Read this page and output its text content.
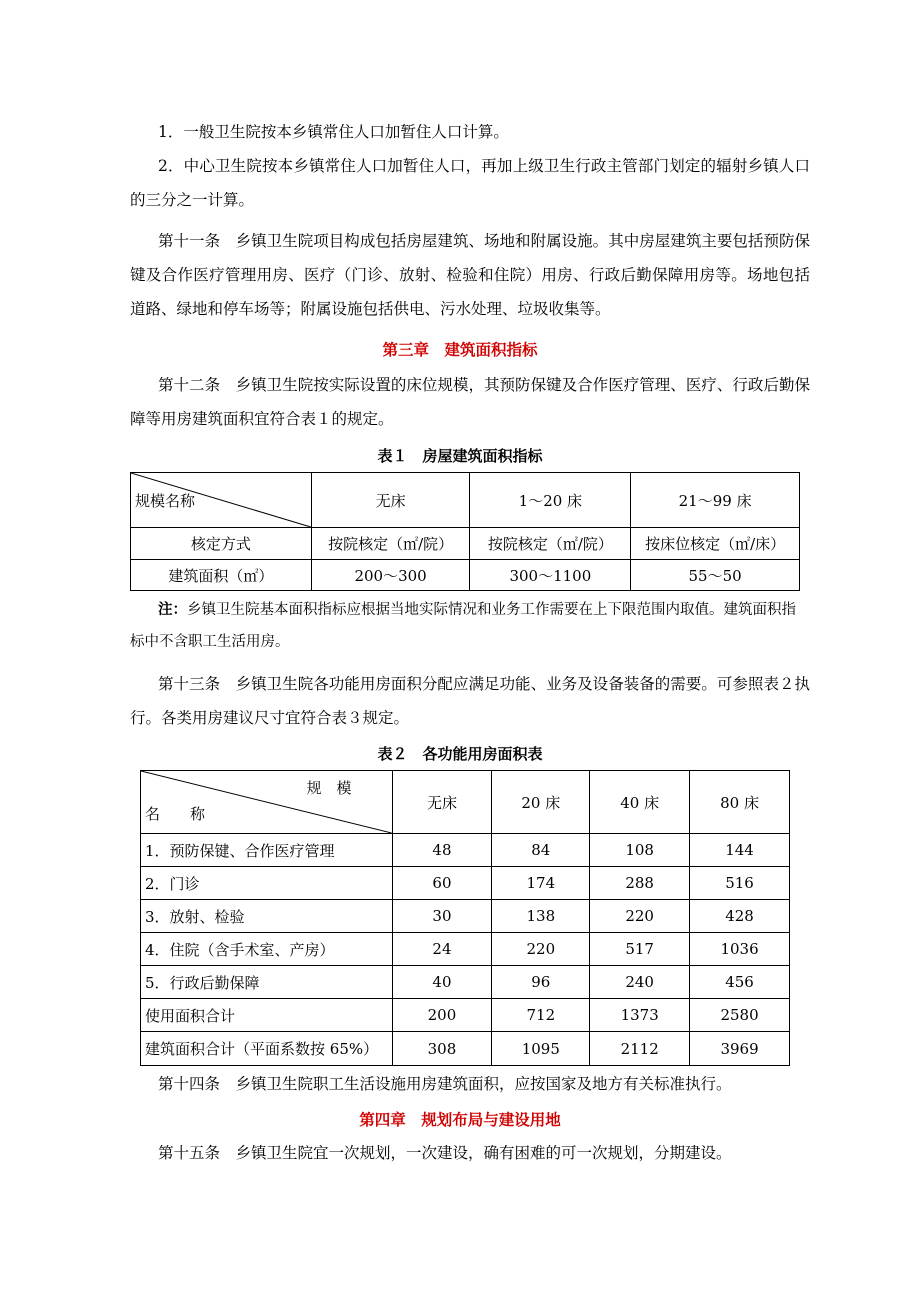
1．一般卫生院按本乡镇常住人口加暂住人口计算。

2．中心卫生院按本乡镇常住人口加暂住人口，再加上级卫生行政主管部门划定的辐射乡镇人口的三分之一计算。

第十一条　乡镇卫生院项目构成包括房屋建筑、场地和附属设施。其中房屋建筑主要包括预防保键及合作医疗管理用房、医疗（门诊、放射、检验和住院）用房、行政后勤保障用房等。场地包括道路、绿地和停车场等；附属设施包括供电、污水处理、垃圾收集等。

第三章　建筑面积指标

第十二条　乡镇卫生院按实际设置的床位规模，其预防保键及合作医疗管理、医疗、行政后勤保障等用房建筑面积宜符合表１的规定。

表１　房屋建筑面积指标
规模名称	无床	1～20 床	21～99 床
核定方式	按院核定（㎡/院）	按院核定（㎡/院）	按床位核定（㎡/床）
建筑面积（㎡）	200～300	300～1100	55～50

注：乡镇卫生院基本面积指标应根据当地实际情况和业务工作需要在上下限范围内取值。建筑面积指标中不含职工生活用房。

第十三条　乡镇卫生院各功能用房面积分配应满足功能、业务及设备装备的需要。可参照表２执行。各类用房建议尺寸宜符合表３规定。

表２　各功能用房面积表
规　模
名　　称	无床	20 床	40 床	80 床
1．预防保键、合作医疗管理	48	84	108	144
2．门诊	60	174	288	516
3．放射、检验	30	138	220	428
4．住院（含手术室、产房）	24	220	517	1036
5．行政后勤保障	40	96	240	456
使用面积合计	200	712	1373	2580
建筑面积合计（平面系数按 65%）	308	1095	2112	3969

第十四条　乡镇卫生院职工生活设施用房建筑面积，应按国家及地方有关标准执行。

第四章　规划布局与建设用地

第十五条　乡镇卫生院宜一次规划，一次建设，确有困难的可一次规划，分期建设。
